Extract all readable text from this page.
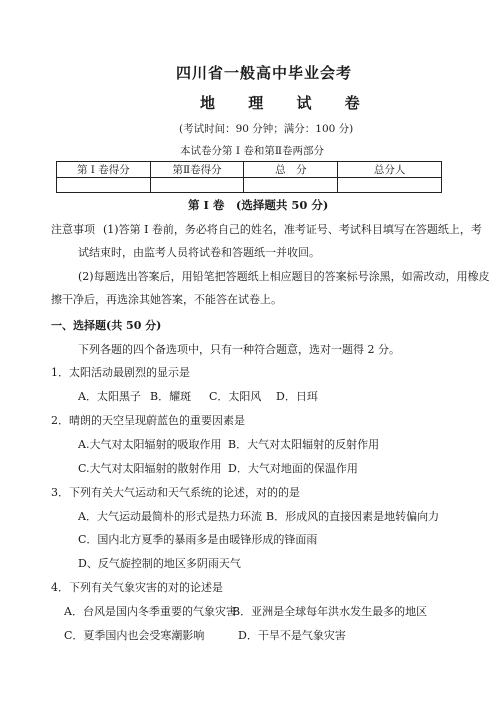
四川省一般高中毕业会考
地 理 试 卷
(考试时间：90 分钟；满分：100 分)
本试卷分第 I 卷和第Ⅱ卷两部分
第 I 卷得分	第Ⅱ卷得分	总　分	总分人

第 I 卷　(选择题共 50 分)
注意事项 (1)答第 I 卷前，务必将自己的姓名，准考证号、考试科目填写在答题纸上，考
试结束时，由监考人员将试卷和答题纸一并收回。
(2)每题选出答案后，用铅笔把答题纸上相应题目的答案标号涂黑，如需改动，用橡皮
擦干净后，再选涂其她答案，不能答在试卷上。
一、选择题(共 50 分)
下列各题的四个备选项中，只有一种符合题意，选对一题得 2 分。
1．太阳活动最剧烈的显示是
A．太阳黑子 B．耀斑 C．太阳风 D．日珥
2．晴朗的天空呈现蔚蓝色的重要因素是
A.大气对太阳辐射的吸取作用 B．大气对太阳辐射的反射作用
C.大气对太阳辐射的散射作用 D．大气对地面的保温作用
3．下列有关大气运动和天气系统的论述，对的的是
A．大气运动最简朴的形式是热力环流 B．形成风的直接因素是地转偏向力
C．国内北方夏季的暴雨多是由暖锋形成的锋面雨
D、反气旋控制的地区多阴雨天气
4．下列有关气象灾害的对的论述是
A．台风是国内冬季重要的气象灾害
B．亚洲是全球每年洪水发生最多的地区
C．夏季国内也会受寒潮影响	D．干旱不是气象灾害
